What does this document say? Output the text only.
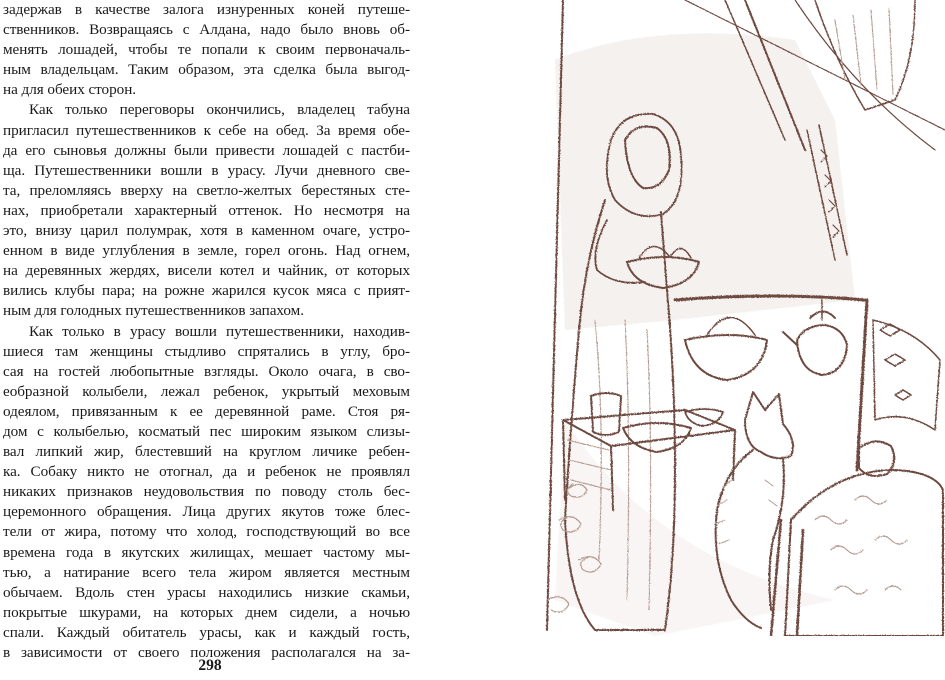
задержав в качестве залога изнуренных коней путеше-
ственников. Возвращаясь с Алдана, надо было вновь об-
менять лошадей, чтобы те попали к своим первоначаль-
ным владельцам. Таким образом, эта сделка была выгод-
на для обеих сторон.
Как только переговоры окончились, владелец табуна
пригласил путешественников к себе на обед. За время обе-
да его сыновья должны были привести лошадей с пастби-
ща. Путешественники вошли в урасу. Лучи дневного све-
та, преломляясь вверху на светло-желтых берестяных сте-
нах, приобретали характерный оттенок. Но несмотря на
это, внизу царил полумрак, хотя в каменном очаге, устро-
енном в виде углубления в земле, горел огонь. Над огнем,
на деревянных жердях, висели котел и чайник, от которых
вились клубы пара; на рожне жарился кусок мяса с прият-
ным для голодных путешественников запахом.
Как только в урасу вошли путешественники, находив-
шиеся там женщины стыдливо спрятались в углу, бро-
сая на гостей любопытные взгляды. Около очага, в сво-
еобразной колыбели, лежал ребенок, укрытый меховым
одеялом, привязанным к ее деревянной раме. Стоя ря-
дом с колыбелью, косматый пес широким языком слизы-
вал липкий жир, блестевший на круглом личике ребен-
ка. Собаку никто не отогнал, да и ребенок не проявлял
никаких признаков неудовольствия по поводу столь бес-
церемонного обращения. Лица других якутов тоже блес-
тели от жира, потому что холод, господствующий во все
времена года в якутских жилищах, мешает частому мы-
тью, а натирание всего тела жиром является местным
обычаем. Вдоль стен урасы находились низкие скамьи,
покрытые шкурами, на которых днем сидели, а ночью
спали. Каждый обитатель урасы, как и каждый гость,
в зависимости от своего положения располагался на за-
298
